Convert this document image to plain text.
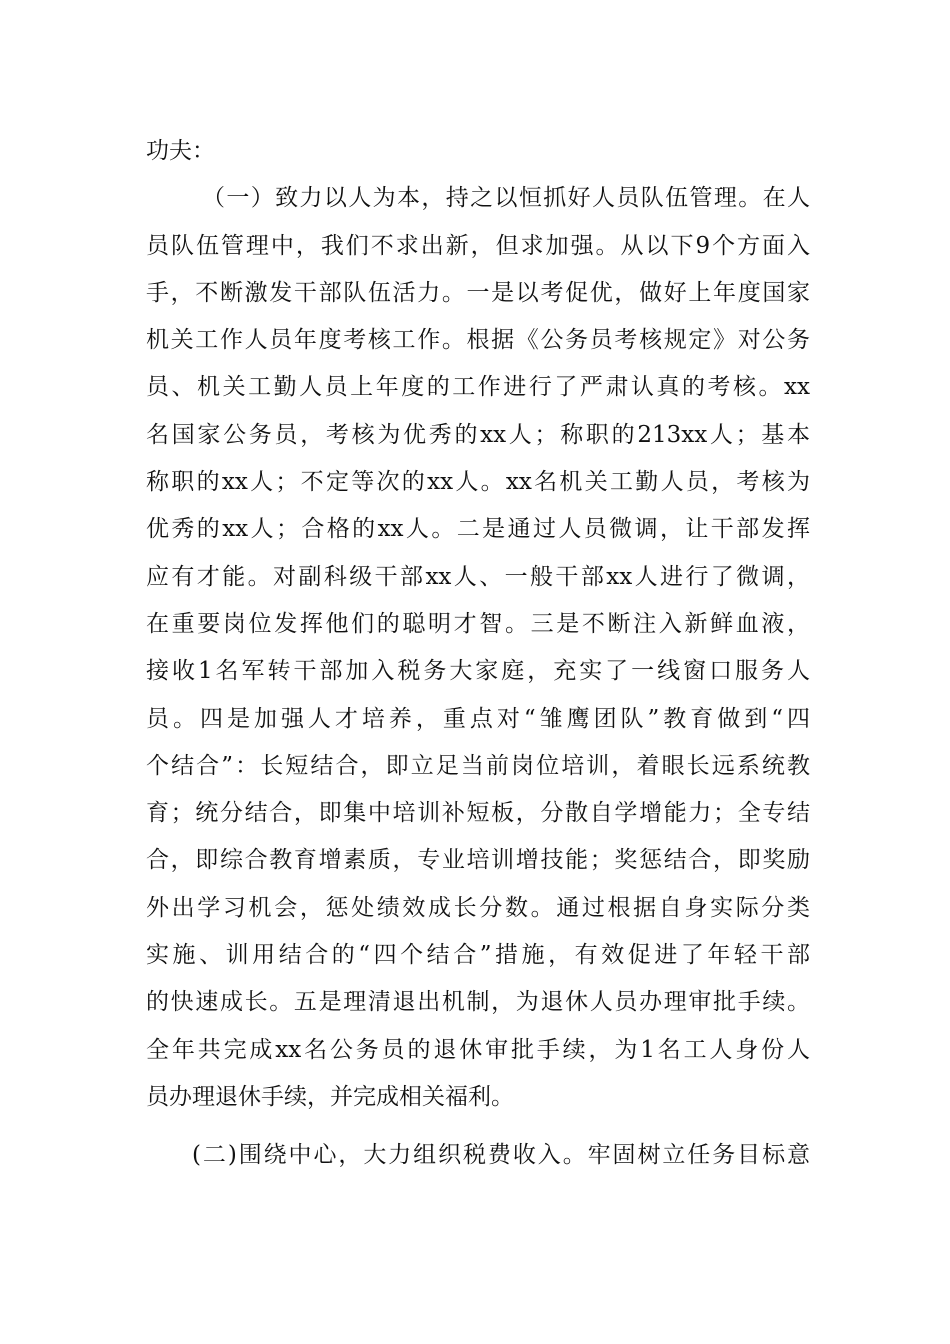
功夫：
（一）致力以人为本，持之以恒抓好人员队伍管理。在人
员队伍管理中，我们不求出新，但求加强。从以下9个方面入
手，不断激发干部队伍活力。一是以考促优，做好上年度国家
机关工作人员年度考核工作。根据《公务员考核规定》对公务
员、机关工勤人员上年度的工作进行了严肃认真的考核。xx
名国家公务员，考核为优秀的xx人；称职的213xx人；基本
称职的xx人；不定等次的xx人。xx名机关工勤人员，考核为
优秀的xx人；合格的xx人。二是通过人员微调，让干部发挥
应有才能。对副科级干部xx人、一般干部xx人进行了微调，
在重要岗位发挥他们的聪明才智。三是不断注入新鲜血液，
接收1名军转干部加入税务大家庭，充实了一线窗口服务人
员。四是加强人才培养，重点对“雏鹰团队”教育做到“四
个结合”：长短结合，即立足当前岗位培训，着眼长远系统教
育；统分结合，即集中培训补短板，分散自学增能力；全专结
合，即综合教育增素质，专业培训增技能；奖惩结合，即奖励
外出学习机会，惩处绩效成长分数。通过根据自身实际分类
实施、训用结合的“四个结合”措施，有效促进了年轻干部
的快速成长。五是理清退出机制，为退休人员办理审批手续。
全年共完成xx名公务员的退休审批手续，为1名工人身份人
员办理退休手续，并完成相关福利。
(二)围绕中心，大力组织税费收入。牢固树立任务目标意
